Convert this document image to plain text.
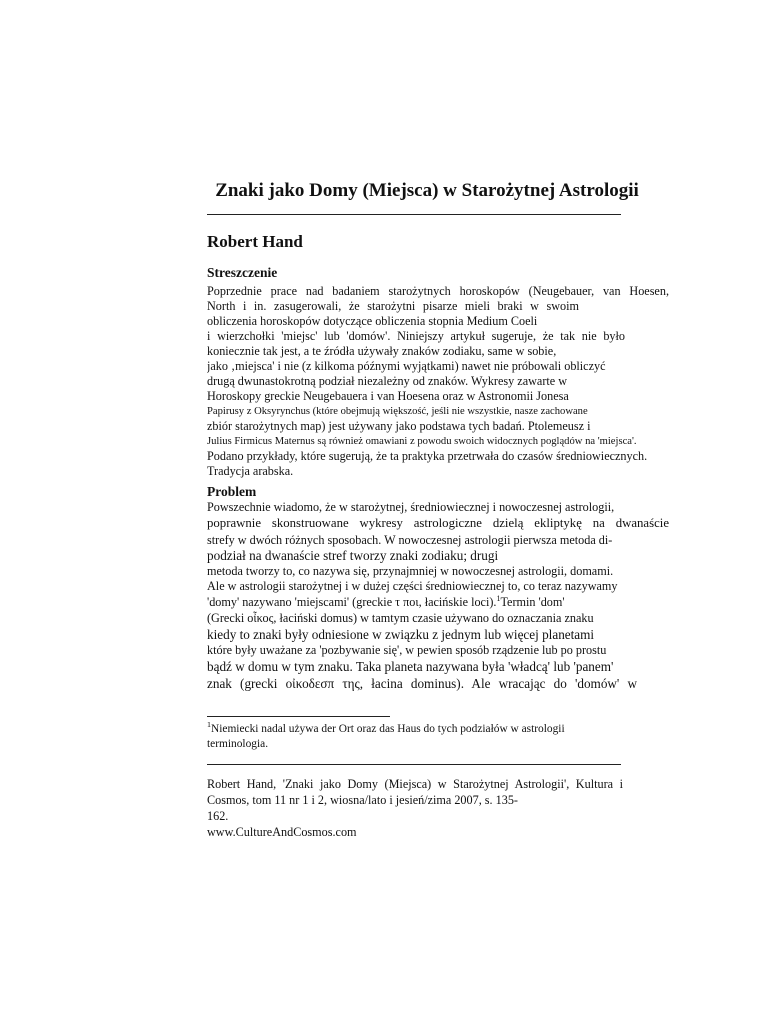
Znaki jako Domy (Miejsca) w Starożytnej Astrologii
Robert Hand
Streszczenie
Poprzednie prace nad badaniem starożytnych horoskopów (Neugebauer, van Hoesen,
North i in. zasugerowali, że starożytni pisarze mieli braki w swoim
obliczenia horoskopów dotyczące obliczenia stopnia Medium Coeli
i wierzchołki 'miejsc' lub 'domów'. Niniejszy artykuł sugeruje, że tak nie było
koniecznie tak jest, a te źródła używały znaków zodiaku, same w sobie,
jako ‚miejsca' i nie (z kilkoma późnymi wyjątkami) nawet nie próbowali obliczyć
drugą dwunastokrotną podział niezależny od znaków. Wykresy zawarte w
Horoskopy greckie Neugebauera i van Hoesena oraz w Astronomii Jonesa
Papirusy z Oksyrynchus (które obejmują większość, jeśli nie wszystkie, nasze zachowane
zbiór starożytnych map) jest używany jako podstawa tych badań. Ptolemeusz i
Julius Firmicus Maternus są również omawiani z powodu swoich widocznych poglądów na 'miejsca'.
Podano przykłady, które sugerują, że ta praktyka przetrwała do czasów średniowiecznych.
Tradycja arabska.
Problem
Powszechnie wiadomo, że w starożytnej, średniowiecznej i nowoczesnej astrologii,
poprawnie skonstruowane wykresy astrologiczne dzielą ekliptykę na dwanaście
strefy w dwóch różnych sposobach. W nowoczesnej astrologii pierwsza metoda di-
podział na dwanaście stref tworzy znaki zodiaku; drugi
metoda tworzy to, co nazywa się, przynajmniej w nowoczesnej astrologii, domami.
Ale w astrologii starożytnej i w dużej części średniowiecznej to, co teraz nazywamy
'domy' nazywano 'miejscami' (greckie τ ποι, łacińskie loci).$^1$Termin 'dom'
(Grecki οἶκος, łaciński domus) w tamtym czasie używano do oznaczania znaku
kiedy to znaki były odniesione w związku z jednym lub więcej planetami
które były uważane za 'pozbywanie się', w pewien sposób rządzenie lub po prostu
bądź w domu w tym znaku. Taka planeta nazywana była 'władcą' lub 'panem'
znak (grecki οἰκοδεσπ της, łacina dominus). Ale wracając do 'domów' w
$^1$Niemiecki nadal używa der Ort oraz das Haus do tych podziałów w astrologii
terminologia.
Robert Hand, 'Znaki jako Domy (Miejsca) w Starożytnej Astrologii', Kultura i
Cosmos, tom 11 nr 1 i 2, wiosna/lato i jesień/zima 2007, s. 135-
162.
www.CultureAndCosmos.com
